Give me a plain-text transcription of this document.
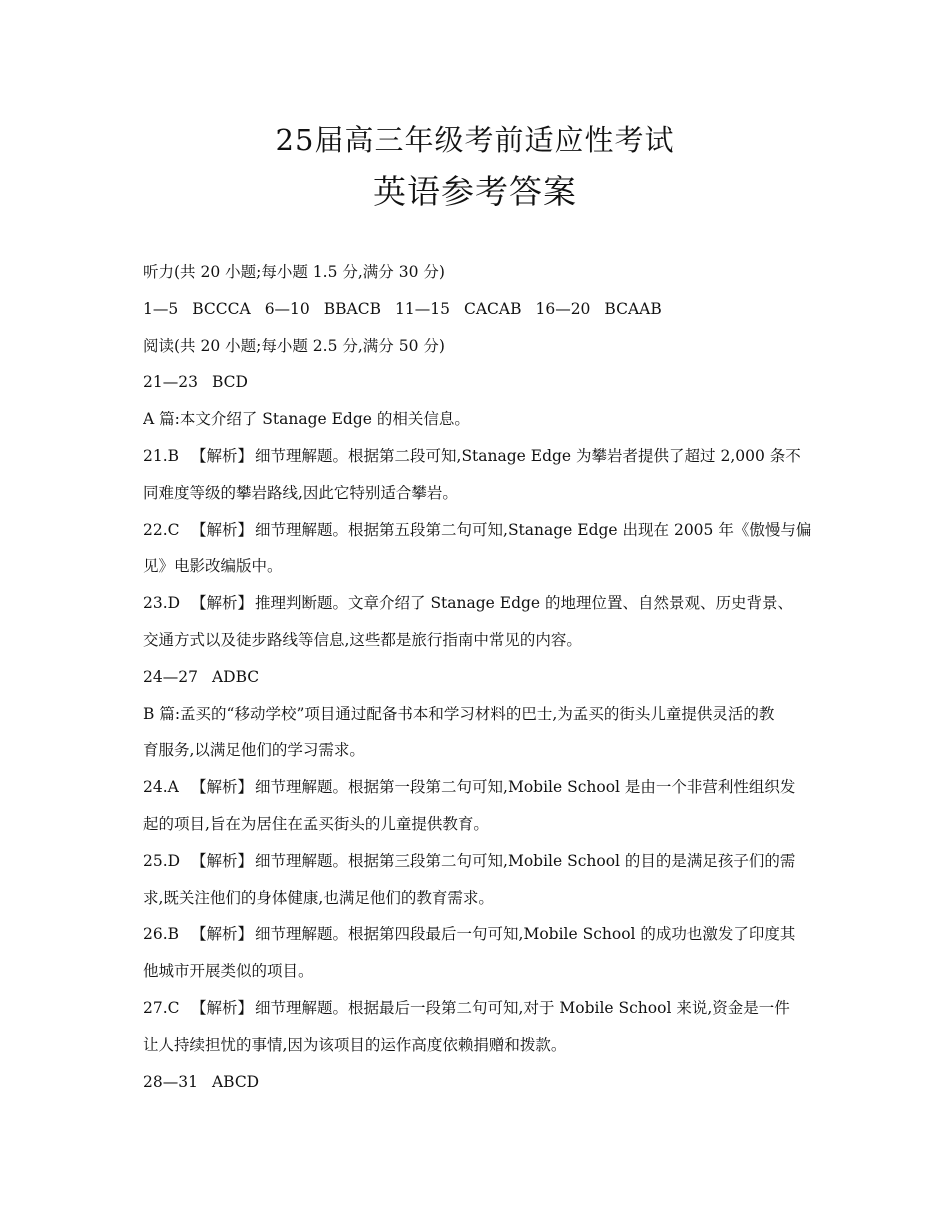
25届高三年级考前适应性考试
英语参考答案
听力(共 20 小题;每小题 1.5 分,满分 30 分)
1—5 BCCCA 6—10 BBACB 11—15 CACAB 16—20 BCAAB
阅读(共 20 小题;每小题 2.5 分,满分 50 分)
21—23 BCD
A 篇:本文介绍了 Stanage Edge 的相关信息。
21.B 【解析】 细节理解题。根据第二段可知,Stanage Edge 为攀岩者提供了超过 2,000 条不
同难度等级的攀岩路线,因此它特别适合攀岩。
22.C 【解析】 细节理解题。根据第五段第二句可知,Stanage Edge 出现在 2005 年《傲慢与偏
见》电影改编版中。
23.D 【解析】 推理判断题。文章介绍了 Stanage Edge 的地理位置、自然景观、历史背景、
交通方式以及徒步路线等信息,这些都是旅行指南中常见的内容。
24—27 ADBC
B 篇:孟买的“移动学校”项目通过配备书本和学习材料的巴士,为孟买的街头儿童提供灵活的教
育服务,以满足他们的学习需求。
24.A 【解析】 细节理解题。根据第一段第二句可知,Mobile School 是由一个非营利性组织发
起的项目,旨在为居住在孟买街头的儿童提供教育。
25.D 【解析】 细节理解题。根据第三段第二句可知,Mobile School 的目的是满足孩子们的需
求,既关注他们的身体健康,也满足他们的教育需求。
26.B 【解析】 细节理解题。根据第四段最后一句可知,Mobile School 的成功也激发了印度其
他城市开展类似的项目。
27.C 【解析】 细节理解题。根据最后一段第二句可知,对于 Mobile School 来说,资金是一件
让人持续担忧的事情,因为该项目的运作高度依赖捐赠和拨款。
28—31 ABCD
